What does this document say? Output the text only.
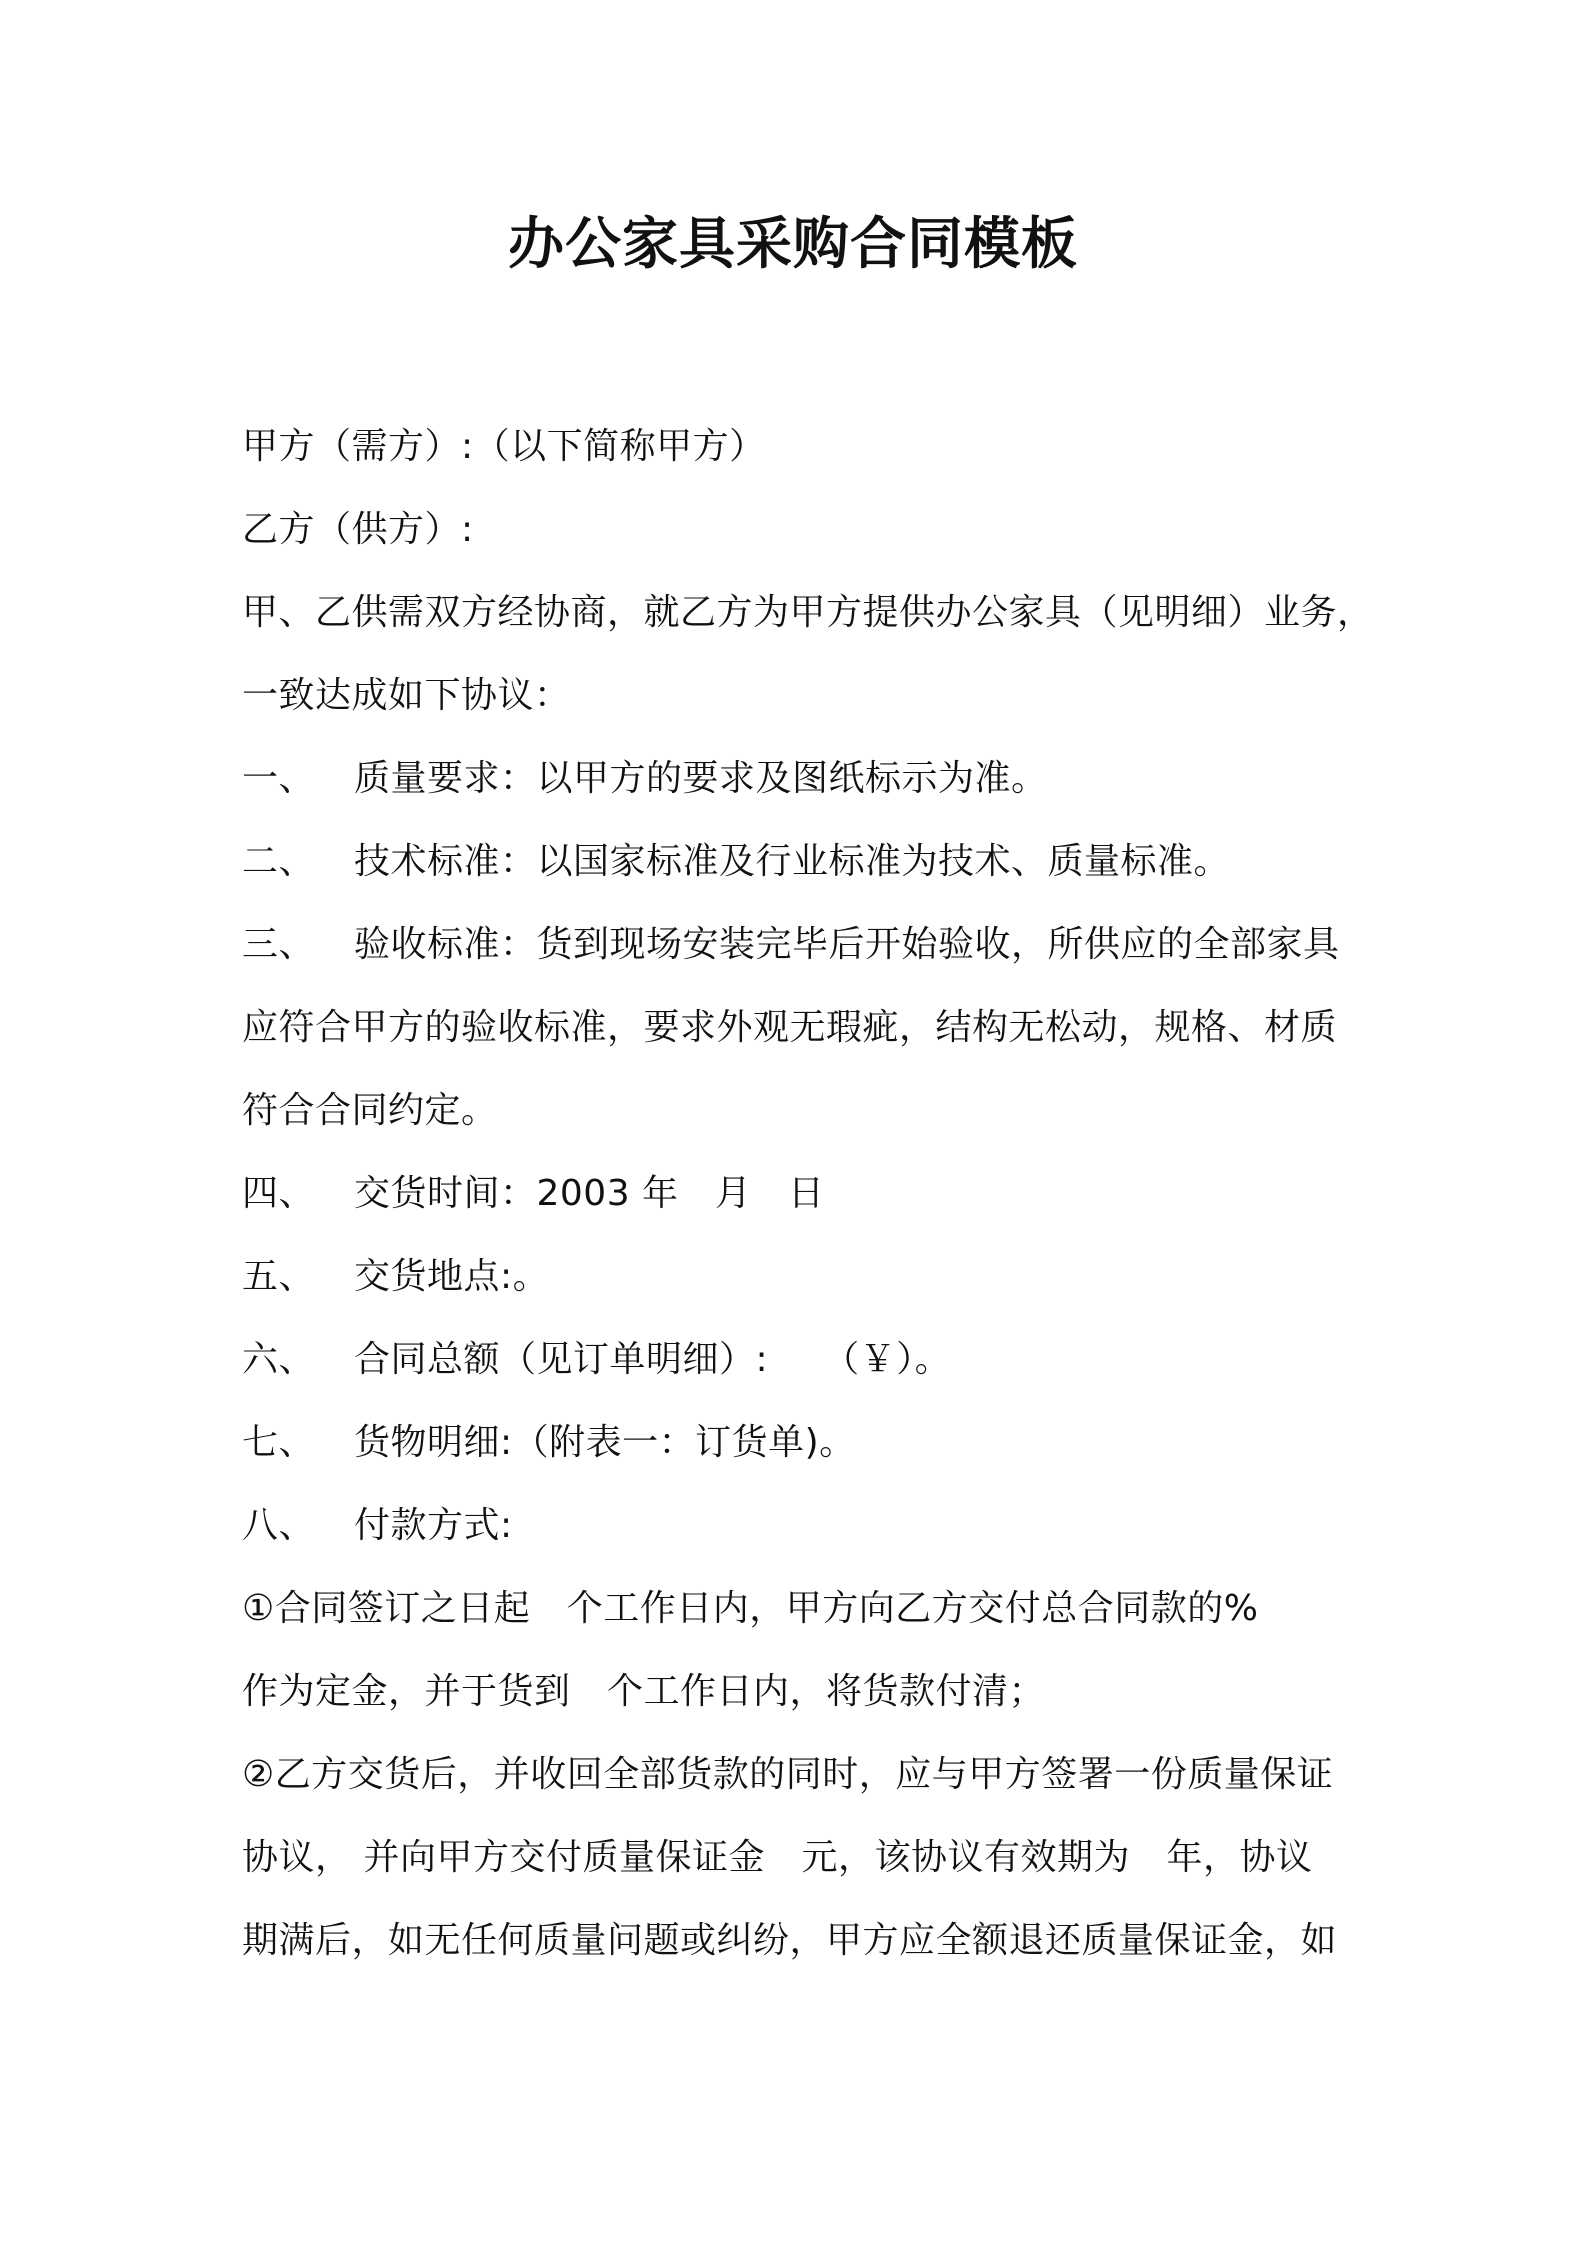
办公家具采购合同模板
甲方（需方）:（以下简称甲方）
乙方（供方）:
甲、乙供需双方经协商，就乙方为甲方提供办公家具（见明细）业务，
一致达成如下协议：
一、 质量要求：以甲方的要求及图纸标示为准。
二、 技术标准：以国家标准及行业标准为技术、质量标准。
三、 验收标准：货到现场安装完毕后开始验收，所供应的全部家具
应符合甲方的验收标准，要求外观无瑕疵，结构无松动，规格、材质
符合合同约定。
四、 交货时间：2003 年　月　日
五、 交货地点:。
六、 合同总额（见订单明细）:　　（￥）。
七、 货物明细:（附表一：订货单)。
八、 付款方式:
①合同签订之日起　个工作日内，甲方向乙方交付总合同款的%
作为定金，并于货到　个工作日内，将货款付清；
②乙方交货后，并收回全部货款的同时，应与甲方签署一份质量保证
协议， 并向甲方交付质量保证金　元，该协议有效期为　年，协议
期满后，如无任何质量问题或纠纷，甲方应全额退还质量保证金，如
